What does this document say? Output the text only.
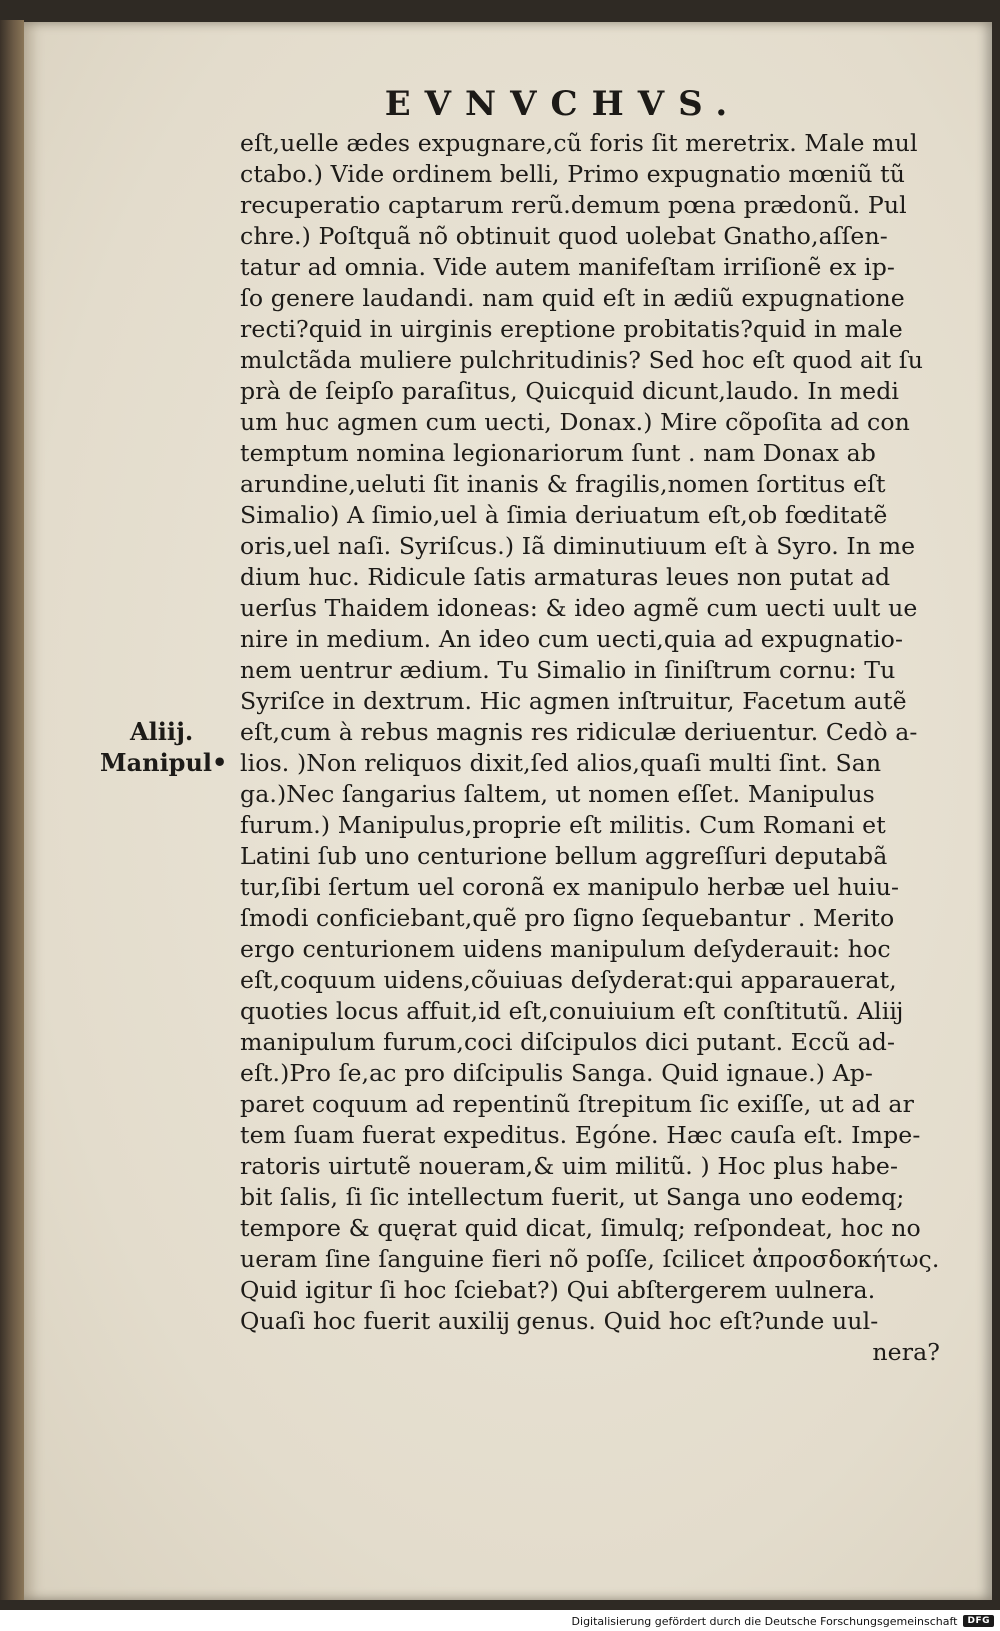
EVNVCHVS.
Aliĳ.
Manipul•
eſt,uelle ædes expugnare,cũ foris ſit meretrix. Male mul
ctabo.) Vide ordinem belli, Primo expugnatio mœniũ tũ
recuperatio captarum rerũ.demum pœna prædonũ. Pul
chre.) Poſtquã nõ obtinuit quod uolebat Gnatho,aſſen-
tatur ad omnia. Vide autem manifeſtam irriſionẽ ex ip-
ſo genere laudandi. nam quid eſt in ædiũ expugnatione
recti?quid in uirginis ereptione probitatis?quid in male
mulctãda muliere pulchritudinis? Sed hoc eſt quod ait ſu
prà de ſeipſo paraſitus, Quicquid dicunt,laudo. In medi
um huc agmen cum uecti, Donax.) Mire cõpoſita ad con
temptum nomina legionariorum ſunt . nam Donax ab
arundine,ueluti ſit inanis & fragilis,nomen ſortitus eſt
Simalio) A ſimio,uel à ſimia deriuatum eſt,ob fœditatẽ
oris,uel naſi. Syriſcus.) Iã diminutiuum eſt à Syro. In me
dium huc. Ridicule ſatis armaturas leues non putat ad
uerſus Thaidem idoneas: & ideo agmẽ cum uecti uult ue
nire in medium. An ideo cum uecti,quia ad expugnatio-
nem uentrur ædium. Tu Simalio in ſiniſtrum cornu: Tu
Syriſce in dextrum. Hic agmen inſtruitur, Facetum autẽ
eſt,cum à rebus magnis res ridiculæ deriuentur. Cedò a-
lios. )Non reliquos dixit,ſed alios,quaſi multi ſint. San
ga.)Nec ſangarius ſaltem, ut nomen eſſet. Manipulus
furum.) Manipulus,proprie eſt militis. Cum Romani et
Latini ſub uno centurione bellum aggreſſuri deputabã
tur,ſibi ſertum uel coronã ex manipulo herbæ uel huiu-
ſmodi conficiebant,quẽ pro ſigno ſequebantur . Merito
ergo centurionem uidens manipulum deſyderauit: hoc
eſt,coquum uidens,cõuiuas deſyderat:qui apparauerat,
quoties locus affuit,id eſt,conuiuium eſt conſtitutũ. Aliĳ
manipulum furum,coci diſcipulos dici putant. Eccũ ad-
eſt.)Pro ſe,ac pro diſcipulis Sanga. Quid ignaue.) Ap-
paret coquum ad repentinũ ſtrepitum ſic exiſſe, ut ad ar
tem ſuam fuerat expeditus. Egóne. Hæc cauſa eſt. Impe-
ratoris uirtutẽ noueram,& uim militũ. ) Hoc plus habe-
bit ſalis, ſi ſic intellectum fuerit, ut Sanga uno eodemq;
tempore & quęrat quid dicat, ſimulq; reſpondeat, hoc no
ueram ſine ſanguine fieri nõ poſſe, ſcilicet ἀπροσδοκήτως.
Quid igitur ſi hoc ſciebat?) Qui abſtergerem uulnera.
Quaſi hoc fuerit auxilĳ genus. Quid hoc eſt?unde uul-
nera?
Digitalisierung gefördert durch die Deutsche Forschungsgemeinschaft	DFG
